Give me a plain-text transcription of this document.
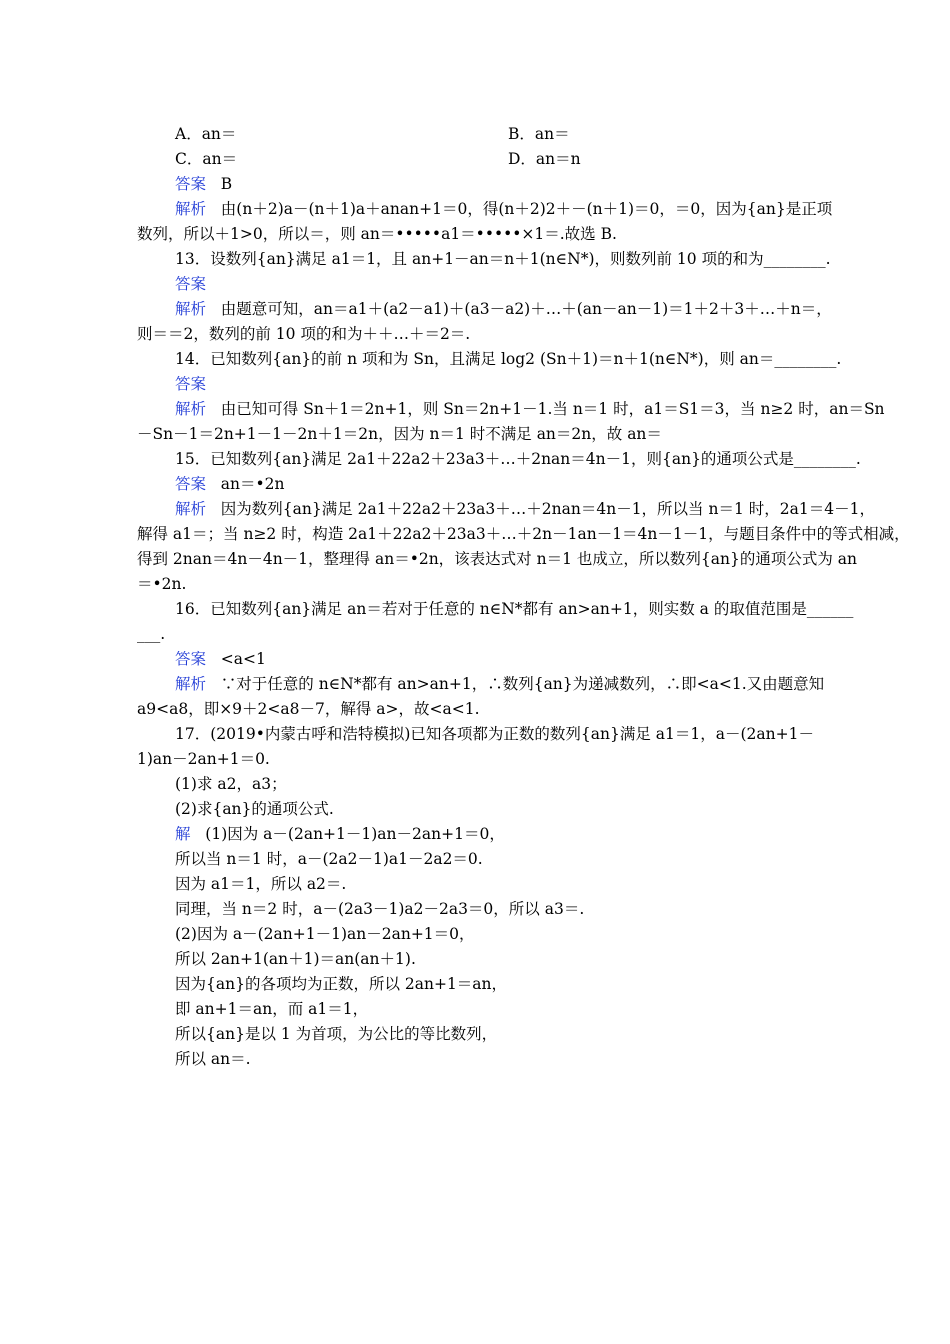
A．an＝	B．an＝
C．an＝	D．an＝n
答案 B
解析 由(n＋2)a－(n＋1)a＋anan+1＝0，得(n＋2)2＋－(n＋1)＝0，＝0，因为{an}是正项
数列，所以＋1>0，所以＝，则 an＝•••••a1＝•••••×1＝.故选 B.
13．设数列{an}满足 a1＝1，且 an+1－an＝n＋1(n∈N*)，则数列前 10 项的和为________.
答案
解析 由题意可知，an＝a1＋(a2－a1)＋(a3－a2)＋…＋(an－an－1)＝1＋2＋3＋…＋n＝，
则＝＝2，数列的前 10 项的和为＋＋…＋＝2＝.
14．已知数列{an}的前 n 项和为 Sn，且满足 log2 (Sn＋1)＝n＋1(n∈N*)，则 an＝________.
答案
解析 由已知可得 Sn＋1＝2n+1，则 Sn＝2n+1－1.当 n＝1 时，a1＝S1＝3，当 n≥2 时，an＝Sn
－Sn－1＝2n+1－1－2n＋1＝2n，因为 n＝1 时不满足 an＝2n，故 an＝
15．已知数列{an}满足 2a1＋22a2＋23a3＋…＋2nan＝4n－1，则{an}的通项公式是________.
答案 an＝•2n
解析 因为数列{an}满足 2a1＋22a2＋23a3＋…＋2nan＝4n－1，所以当 n＝1 时，2a1＝4－1，
解得 a1＝；当 n≥2 时，构造 2a1＋22a2＋23a3＋…＋2n－1an－1＝4n－1－1，与题目条件中的等式相减，
得到 2nan＝4n－4n－1，整理得 an＝•2n，该表达式对 n＝1 也成立，所以数列{an}的通项公式为 an
＝•2n.
16．已知数列{an}满足 an＝若对于任意的 n∈N*都有 an>an+1，则实数 a 的取值范围是______
___.
答案 <a<1
解析 ∵对于任意的 n∈N*都有 an>an+1，∴数列{an}为递减数列，∴即<a<1.又由题意知
a9<a8，即×9＋2<a8－7，解得 a>，故<a<1.
17．(2019•内蒙古呼和浩特模拟)已知各项都为正数的数列{an}满足 a1＝1，a－(2an+1－
1)an－2an+1＝0.
(1)求 a2，a3；
(2)求{an}的通项公式.
解 (1)因为 a－(2an+1－1)an－2an+1＝0，
所以当 n＝1 时，a－(2a2－1)a1－2a2＝0.
因为 a1＝1，所以 a2＝.
同理，当 n＝2 时，a－(2a3－1)a2－2a3＝0，所以 a3＝.
(2)因为 a－(2an+1－1)an－2an+1＝0，
所以 2an+1(an＋1)＝an(an＋1).
因为{an}的各项均为正数，所以 2an+1＝an，
即 an+1＝an，而 a1＝1，
所以{an}是以 1 为首项，为公比的等比数列，
所以 an＝.
